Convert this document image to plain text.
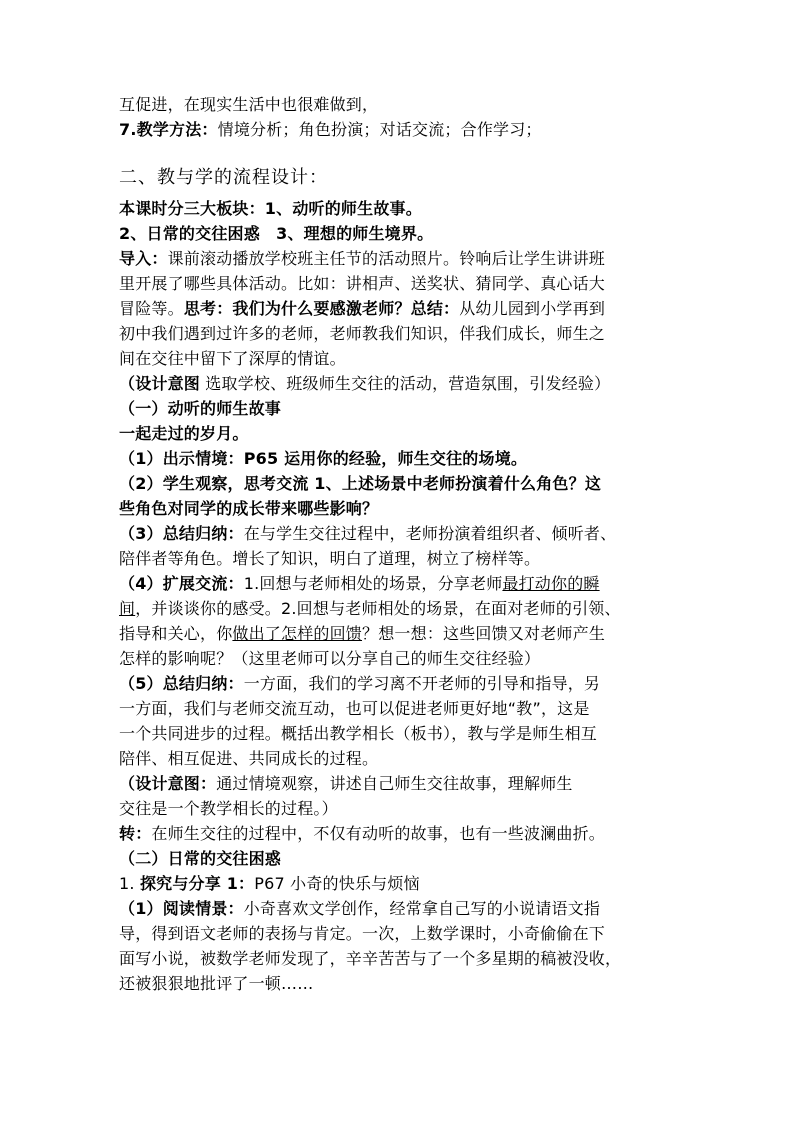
互促进，在现实生活中也很难做到，
7.教学方法：情境分析；角色扮演；对话交流；合作学习；
二、教与学的流程设计：
本课时分三大板块：1、动听的师生故事。
2、日常的交往困惑　3、理想的师生境界。
导入：课前滚动播放学校班主任节的活动照片。铃响后让学生讲讲班
里开展了哪些具体活动。比如：讲相声、送奖状、猜同学、真心话大
冒险等。思考：我们为什么要感激老师？总结：从幼儿园到小学再到
初中我们遇到过许多的老师，老师教我们知识，伴我们成长，师生之
间在交往中留下了深厚的情谊。
（设计意图 选取学校、班级师生交往的活动，营造氛围，引发经验）
（一）动听的师生故事
一起走过的岁月。
（1）出示情境：P65 运用你的经验，师生交往的场境。
（2）学生观察，思考交流 1、上述场景中老师扮演着什么角色？这
些角色对同学的成长带来哪些影响？
（3）总结归纳：在与学生交往过程中，老师扮演着组织者、倾听者、
陪伴者等角色。增长了知识，明白了道理，树立了榜样等。
（4）扩展交流：1.回想与老师相处的场景，分享老师最打动你的瞬
间，并谈谈你的感受。2.回想与老师相处的场景，在面对老师的引领、
指导和关心，你做出了怎样的回馈？想一想：这些回馈又对老师产生
怎样的影响呢？（这里老师可以分享自己的师生交往经验）
（5）总结归纳：一方面，我们的学习离不开老师的引导和指导，另
一方面，我们与老师交流互动，也可以促进老师更好地“教”，这是
一个共同进步的过程。概括出教学相长（板书），教与学是师生相互
陪伴、相互促进、共同成长的过程。
（设计意图：通过情境观察，讲述自己师生交往故事，理解师生
交往是一个教学相长的过程。）
转：在师生交往的过程中，不仅有动听的故事，也有一些波澜曲折。
（二）日常的交往困惑
1. 探究与分享 1：P67 小奇的快乐与烦恼
（1）阅读情景：小奇喜欢文学创作，经常拿自己写的小说请语文指
导，得到语文老师的表扬与肯定。一次，上数学课时，小奇偷偷在下
面写小说，被数学老师发现了，辛辛苦苦与了一个多星期的稿被没收，
还被狠狠地批评了一顿……
